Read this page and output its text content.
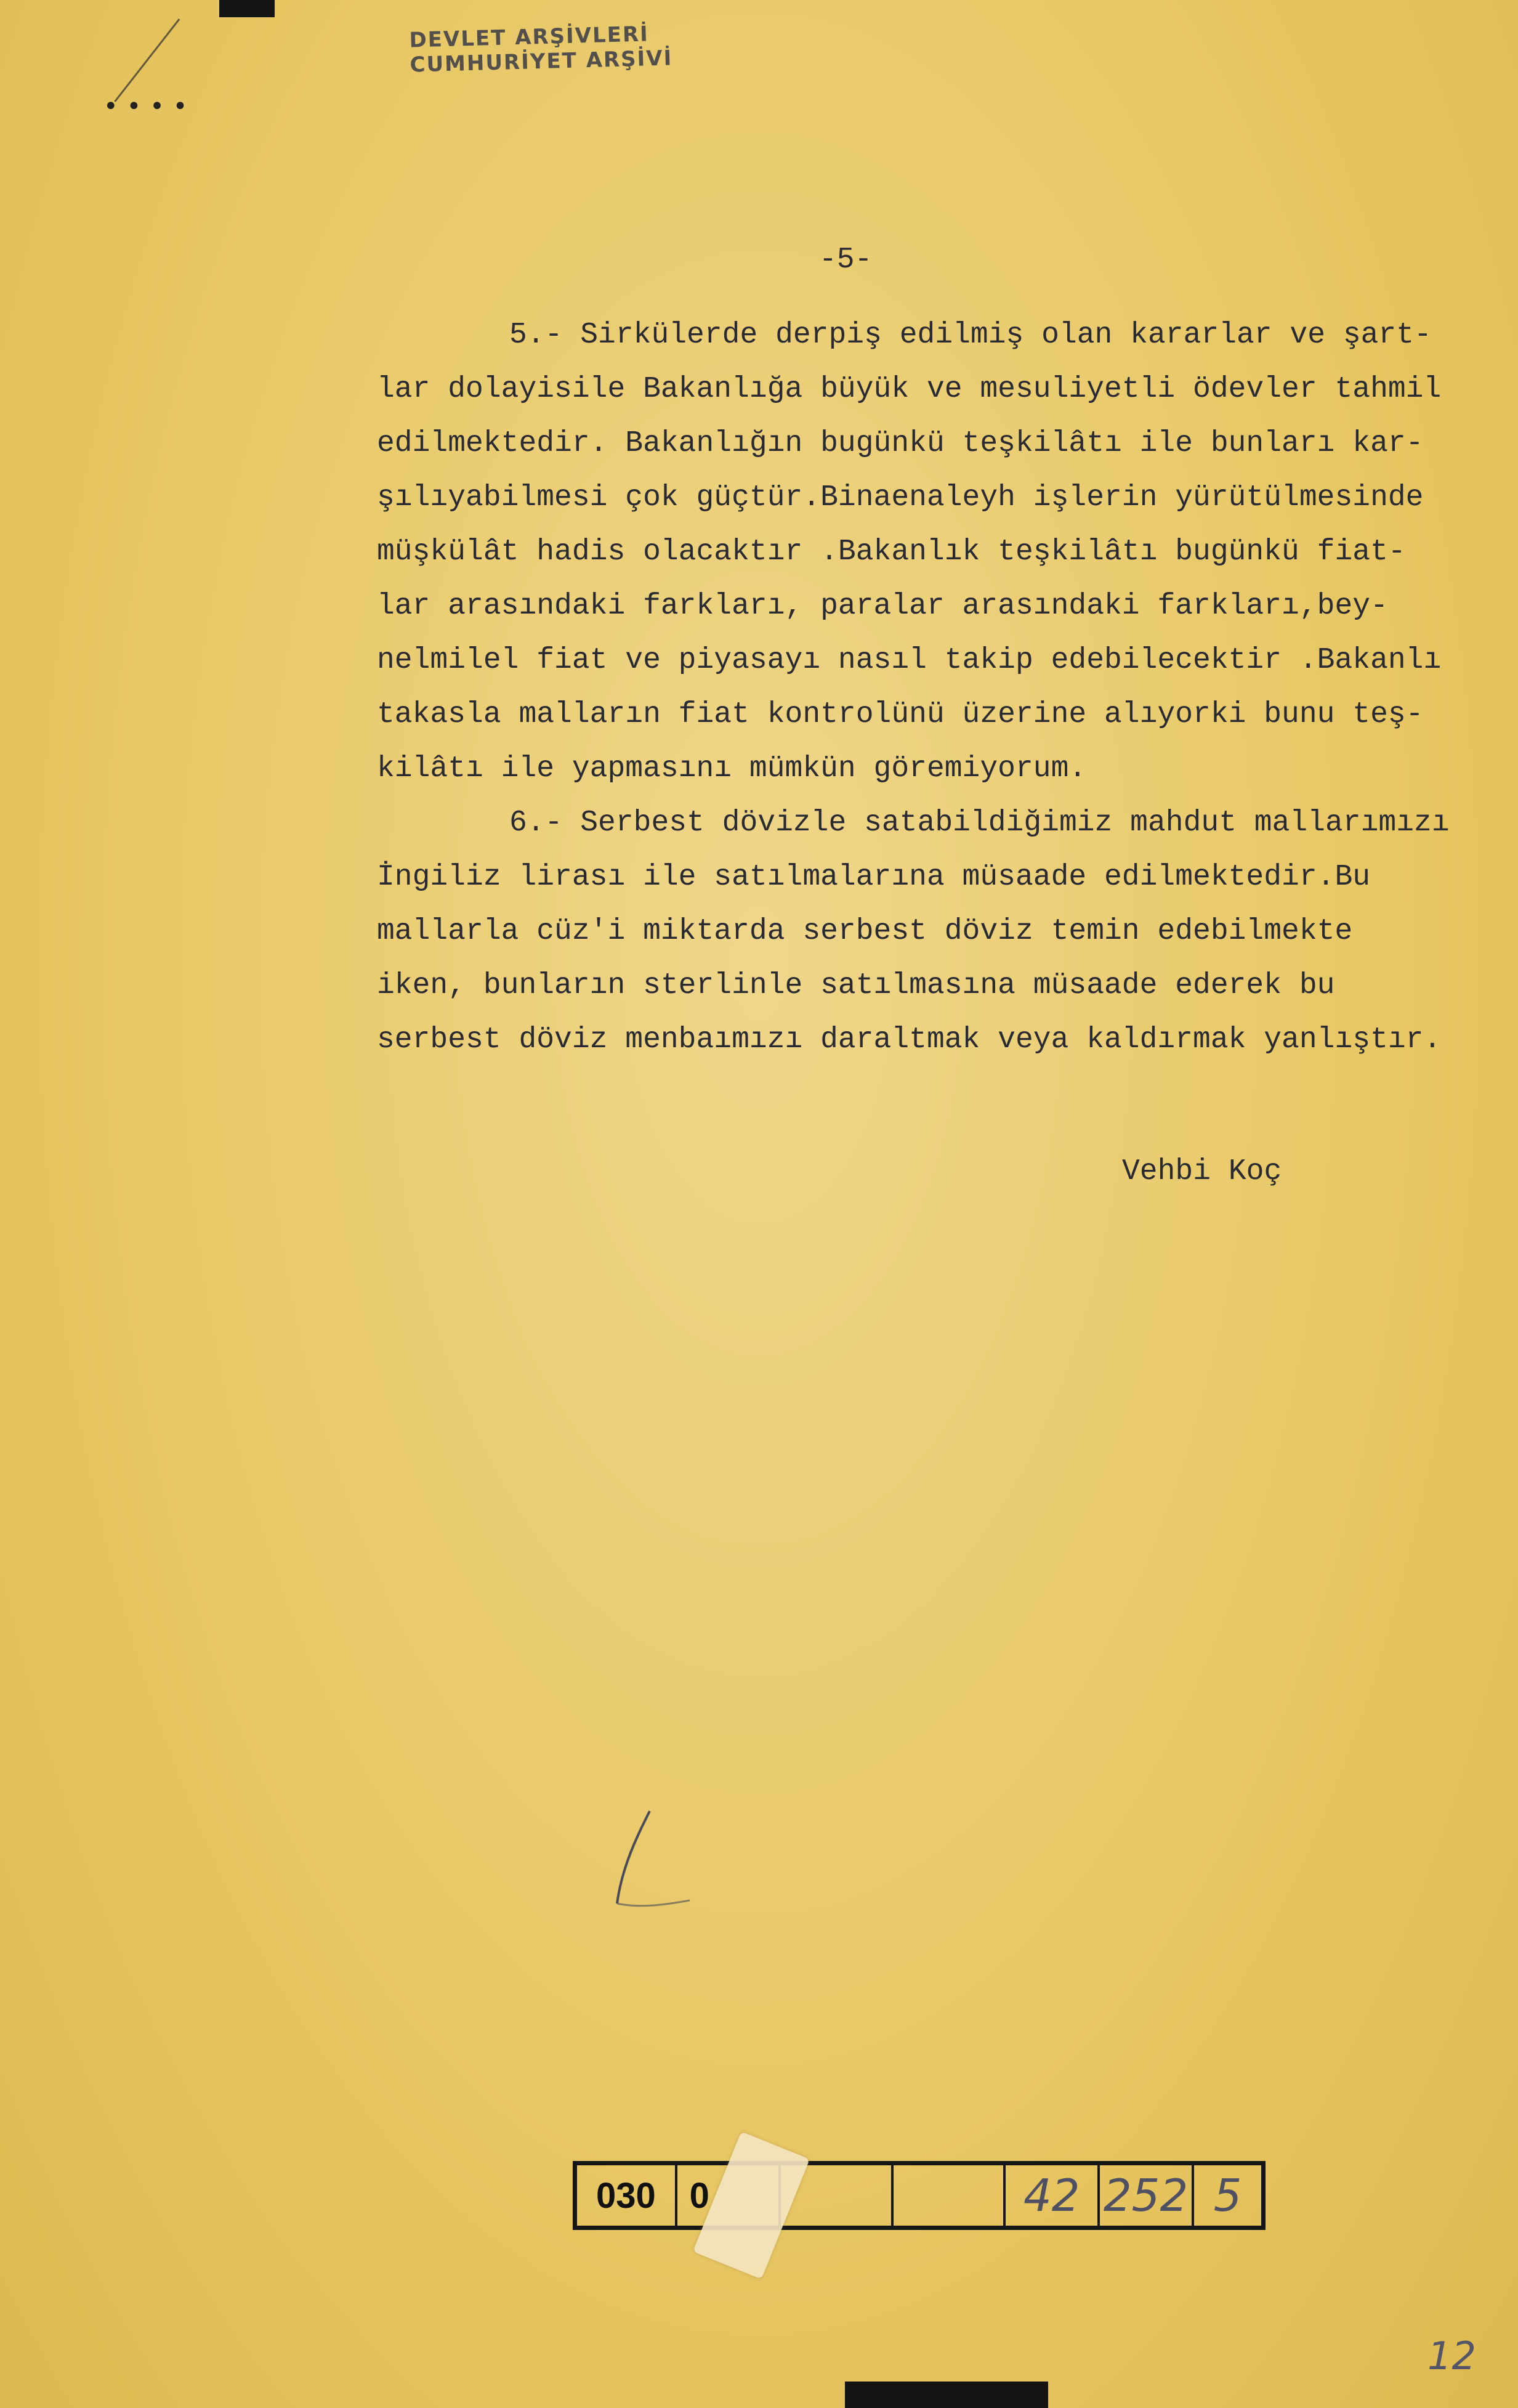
••••
DEVLET ARŞİVLERİ
CUMHURİYET ARŞİVİ
-5-
5.- Sirkülerde derpiş edilmiş olan kararlar ve şart-
lar dolayisile Bakanlığa büyük ve mesuliyetli ödevler tahmil
edilmektedir. Bakanlığın bugünkü teşkilâtı ile bunları kar-
şılıyabilmesi çok güçtür.Binaenaleyh işlerin yürütülmesinde
müşkülât hadis olacaktır .Bakanlık teşkilâtı bugünkü fiat-
lar arasındaki farkları, paralar arasındaki farkları,bey-
nelmilel fiat ve piyasayı nasıl takip edebilecektir .Bakanlı
takasla malların fiat kontrolünü üzerine alıyorki bunu teş-
kilâtı ile yapmasını mümkün göremiyorum.
6.- Serbest dövizle satabildiğimiz mahdut mallarımızı
İngiliz lirası ile satılmalarına müsaade edilmektedir.Bu
mallarla cüz'i miktarda serbest döviz temin edebilmekte
iken, bunların sterlinle satılmasına müsaade ederek bu
serbest döviz menbaımızı daraltmak veya kaldırmak yanlıştır.
Vehbi Koç
030 0	42 252 5
12
